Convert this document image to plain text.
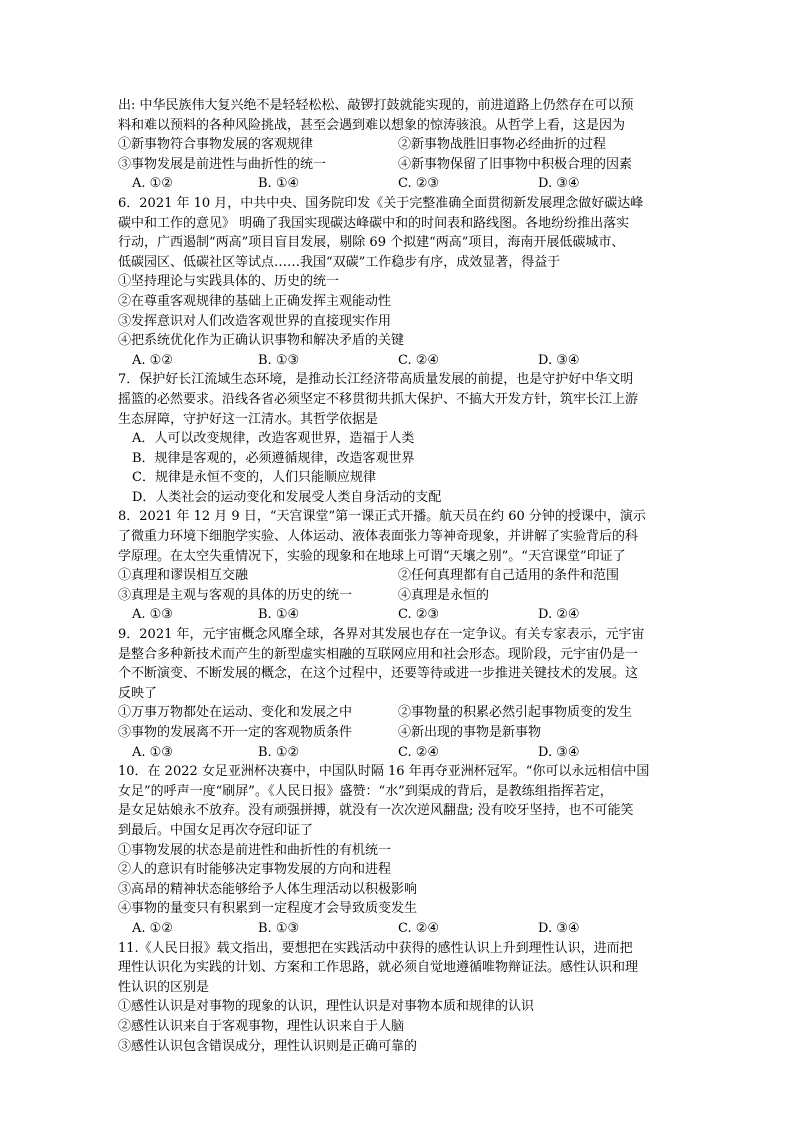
出: 中华民族伟大复兴绝不是轻轻松松、敲锣打鼓就能实现的，前进道路上仍然存在可以预
料和难以预料的各种风险挑战，甚至会遇到难以想象的惊涛骇浪。从哲学上看，这是因为
①新事物符合事物发展的客观规律	②新事物战胜旧事物必经曲折的过程
③事物发展是前进性与曲折性的统一	④新事物保留了旧事物中积极合理的因素
A. ①②	B. ①④	C. ②③	D. ③④
6．2021 年 10 月，中共中央、国务院印发《关于完整准确全面贯彻新发展理念做好碳达峰
碳中和工作的意见》 明确了我国实现碳达峰碳中和的时间表和路线图。各地纷纷推出落实
行动，广西遏制“两高”项目盲目发展，剔除 69 个拟建“两高”项目，海南开展低碳城市、
低碳园区、低碳社区等试点……我国“双碳”工作稳步有序，成效显著，得益于
①坚持理论与实践具体的、历史的统一
②在尊重客观规律的基础上正确发挥主观能动性
③发挥意识对人们改造客观世界的直接现实作用
④把系统优化作为正确认识事物和解决矛盾的关键
A. ①②	B. ①③	C. ②④	D. ③④
7．保护好长江流域生态环境，是推动长江经济带高质量发展的前提，也是守护好中华文明
摇篮的必然要求。沿线各省必须坚定不移贯彻共抓大保护、不搞大开发方针，筑牢长江上游
生态屏障，守护好这一江清水。其哲学依据是
A．人可以改变规律，改造客观世界，造福于人类
B．规律是客观的，必须遵循规律，改造客观世界
C．规律是永恒不变的，人们只能顺应规律
D．人类社会的运动变化和发展受人类自身活动的支配
8．2021 年 12 月 9 日，“天宫课堂”第一课正式开播。航天员在约 60 分钟的授课中，演示
了微重力环境下细胞学实验、人体运动、液体表面张力等神奇现象，并讲解了实验背后的科
学原理。在太空失重情况下，实验的现象和在地球上可谓“天壤之别”。“天宫课堂”印证了
①真理和谬误相互交融	②任何真理都有自己适用的条件和范围
③真理是主观与客观的具体的历史的统一	④真理是永恒的
A. ①③	B. ①④	C. ②③	D. ②④
9．2021 年，元宇宙概念风靡全球，各界对其发展也存在一定争议。有关专家表示，元宇宙
是整合多种新技术而产生的新型虚实相融的互联网应用和社会形态。现阶段，元宇宙仍是一
个不断演变、不断发展的概念，在这个过程中，还要等待或进一步推进关键技术的发展。这
反映了
①万事万物都处在运动、变化和发展之中	②事物量的积累必然引起事物质变的发生
③事物的发展离不开一定的客观物质条件	④新出现的事物是新事物
A. ①③	B. ①②	C. ②④	D. ③④
10．在 2022 女足亚洲杯决赛中，中国队时隔 16 年再夺亚洲杯冠军。“你可以永远相信中国
女足”的呼声一度“刷屏”。《人民日报》盛赞：“水”到渠成的背后，是教练组指挥若定，
是女足姑娘永不放弃。没有顽强拼搏，就没有一次次逆风翻盘; 没有咬牙坚持，也不可能笑
到最后。中国女足再次夺冠印证了
①事物发展的状态是前进性和曲折性的有机统一
②人的意识有时能够决定事物发展的方向和进程
③高昂的精神状态能够给予人体生理活动以积极影响
④事物的量变只有积累到一定程度才会导致质变发生
A. ①②	B. ①③	C. ②④	D. ③④
11.《人民日报》载文指出，要想把在实践活动中获得的感性认识上升到理性认识，进而把
理性认识化为实践的计划、方案和工作思路，就必须自觉地遵循唯物辩证法。感性认识和理
性认识的区别是
①感性认识是对事物的现象的认识，理性认识是对事物本质和规律的认识
②感性认识来自于客观事物，理性认识来自于人脑
③感性认识包含错误成分，理性认识则是正确可靠的
